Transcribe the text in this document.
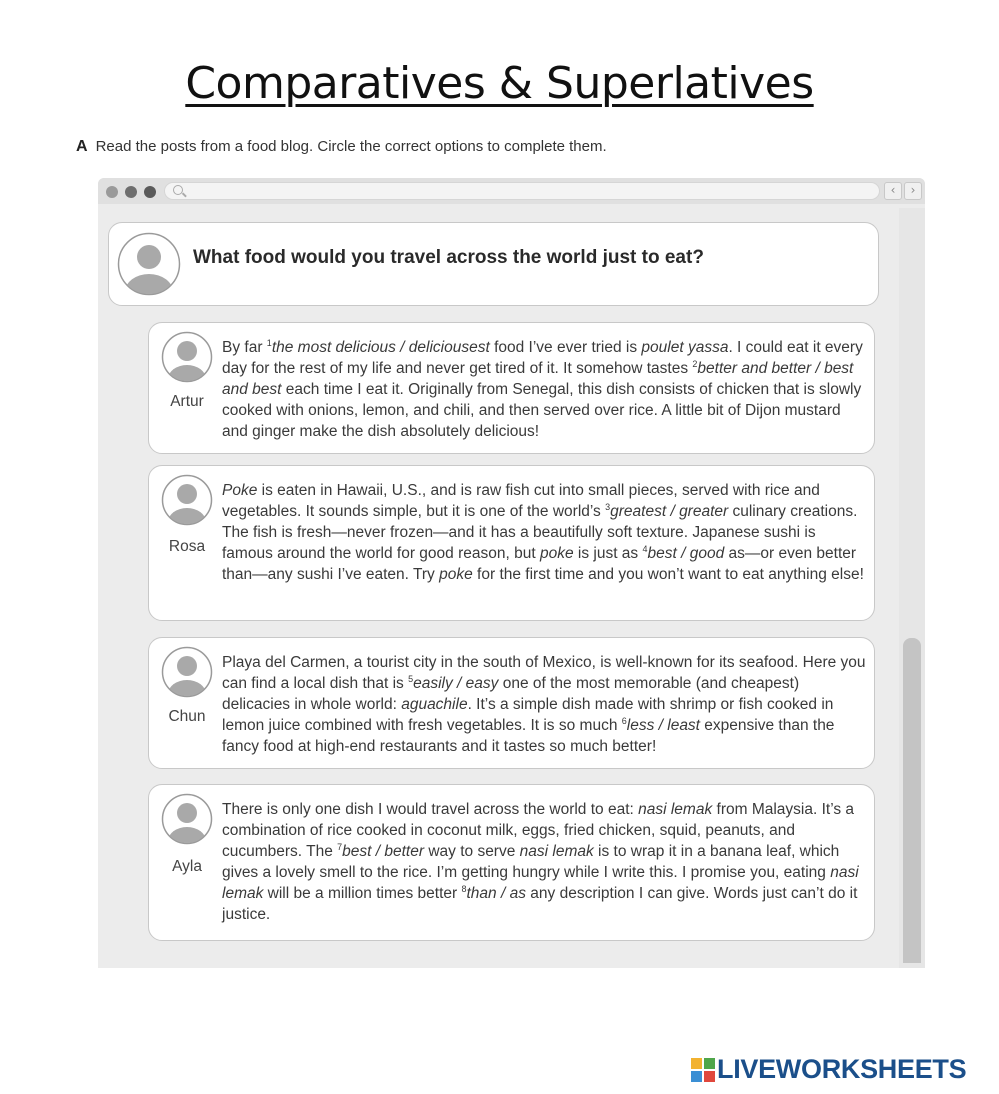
Comparatives & Superlatives
A Read the posts from a food blog. Circle the correct options to complete them.
‹	›
What food would you travel across the world just to eat?
Artur
By far $^1$the most delicious / deliciousest food I’ve ever tried is poulet yassa. I could eat it every day for the rest of my life and never get tired of it. It somehow tastes $^2$better and better / best and best each time I eat it. Originally from Senegal, this dish consists of chicken that is slowly cooked with onions, lemon, and chili, and then served over rice. A little bit of Dijon mustard and ginger make the dish absolutely delicious!
Rosa
Poke is eaten in Hawaii, U.S., and is raw fish cut into small pieces, served with rice and vegetables. It sounds simple, but it is one of the world’s $^3$greatest / greater culinary creations. The fish is fresh—never frozen—and it has a beautifully soft texture. Japanese sushi is famous around the world for good reason, but poke is just as $^4$best / good as—or even better than—any sushi I’ve eaten. Try poke for the first time and you won’t want to eat anything else!
Chun
Playa del Carmen, a tourist city in the south of Mexico, is well-known for its seafood. Here you can find a local dish that is $^5$easily / easy one of the most memorable (and cheapest) delicacies in whole world: aguachile. It’s a simple dish made with shrimp or fish cooked in lemon juice combined with fresh vegetables. It is so much $^6$less / least expensive than the fancy food at high-end restaurants and it tastes so much better!
Ayla
There is only one dish I would travel across the world to eat: nasi lemak from Malaysia. It’s a combination of rice cooked in coconut milk, eggs, fried chicken, squid, peanuts, and cucumbers. The $^7$best / better way to serve nasi lemak is to wrap it in a banana leaf, which gives a lovely smell to the rice. I’m getting hungry while I write this. I promise you, eating nasi lemak will be a million times better $^8$than / as any description I can give. Words just can’t do it justice.
LIVEWORKSHEETS
